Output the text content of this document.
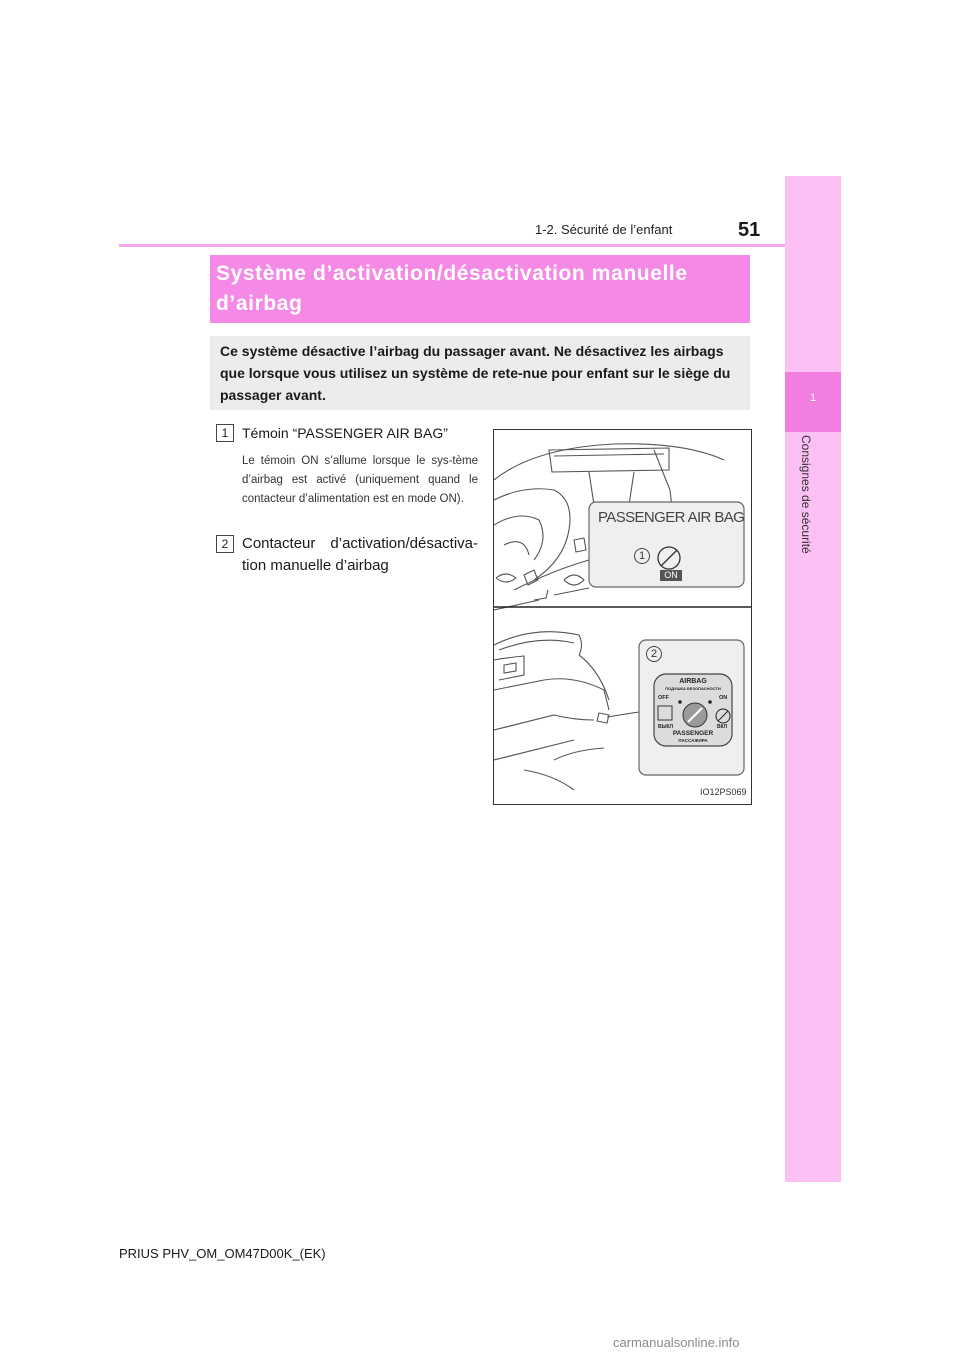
1-2. Sécurité de l’enfant	51
1
Consignes de sécurité
Système d’activation/désactivation manuelle d’airbag
Ce système désactive l’airbag du passager avant. Ne désactivez les airbags que lorsque vous utilisez un système de rete-nue pour enfant sur le siège du passager avant.
1 Témoin “PASSENGER AIR BAG”
Le témoin ON s’allume lorsque le sys-tème d’airbag est activé (uniquement quand le contacteur d’alimentation est en mode ON).
2 Contacteur d’activation/désactiva-tion manuelle d’airbag
PASSENGER AIR BAG
1
ON
2
AIRBAG
ПОДУШКА БЕЗОПАСНОСТИ
OFF	ON
ВЫКЛ	ВКЛ
PASSENGER
ПАССАЖИРА
IO12PS069
PRIUS PHV_OM_OM47D00K_(EK)
carmanualsonline.info
